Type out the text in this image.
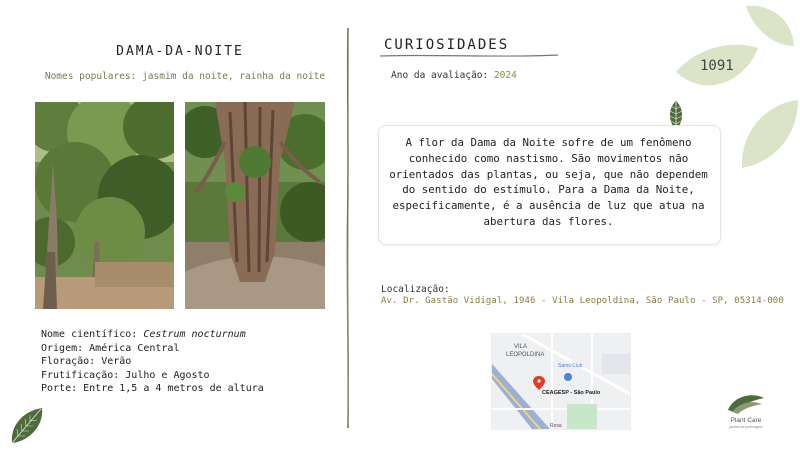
1091
DAMA-DA-NOITE
Nomes populares: jasmim da noite, rainha da noite
Nome científico: Cestrum nocturnum
Origem: América Central
Floração: Verão
Frutificação: Julho e Agosto
Porte: Entre 1,5 a 4 metros de altura
CURIOSIDADES
Ano da avaliação: 2024
A flor da Dama da Noite sofre de um fenômeno conhecido como nastismo. São movimentos não orientados das plantas, ou seja, que não dependem do sentido do estímulo. Para a Dama da Noite, especificamente, é a ausência de luz que atua na abertura das flores.
Localização:
Av. Dr. Gastão Vidigal, 1946 - Vila Leopoldina, São Paulo - SP, 05314-000
VILA
LEOPOLDINA
Sams Club
CEAGESP - São Paulo
Rosa
Plant Care
jardins de jardinagem
